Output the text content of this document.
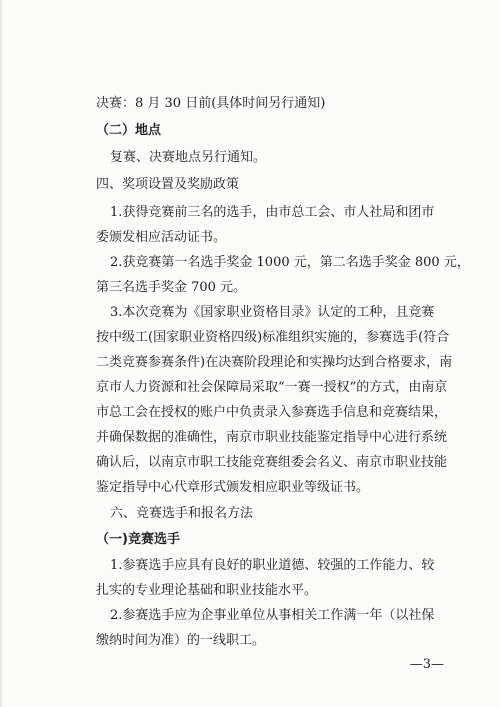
决赛：8 月 30 日前(具体时间另行通知)
（二）地点
复赛、决赛地点另行通知。
四、奖项设置及奖励政策
1.获得竞赛前三名的选手，由市总工会、市人社局和团市
委颁发相应活动证书。
2.获竞赛第一名选手奖金 1000 元，第二名选手奖金 800 元，
第三名选手奖金 700 元。
3.本次竞赛为《国家职业资格目录》认定的工种，且竞赛
按中级工(国家职业资格四级)标准组织实施的，参赛选手(符合
二类竞赛参赛条件)在决赛阶段理论和实操均达到合格要求，南
京市人力资源和社会保障局采取“一赛一授权”的方式，由南京
市总工会在授权的账户中负责录入参赛选手信息和竞赛结果，
并确保数据的准确性，南京市职业技能鉴定指导中心进行系统
确认后，以南京市职工技能竞赛组委会名义、南京市职业技能
鉴定指导中心代章形式颁发相应职业等级证书。
六、竞赛选手和报名方法
（一)竞赛选手
1.参赛选手应具有良好的职业道德、较强的工作能力、较
扎实的专业理论基础和职业技能水平。
2.参赛选手应为企事业单位从事相关工作满一年（以社保
缴纳时间为准）的一线职工。
—3—
